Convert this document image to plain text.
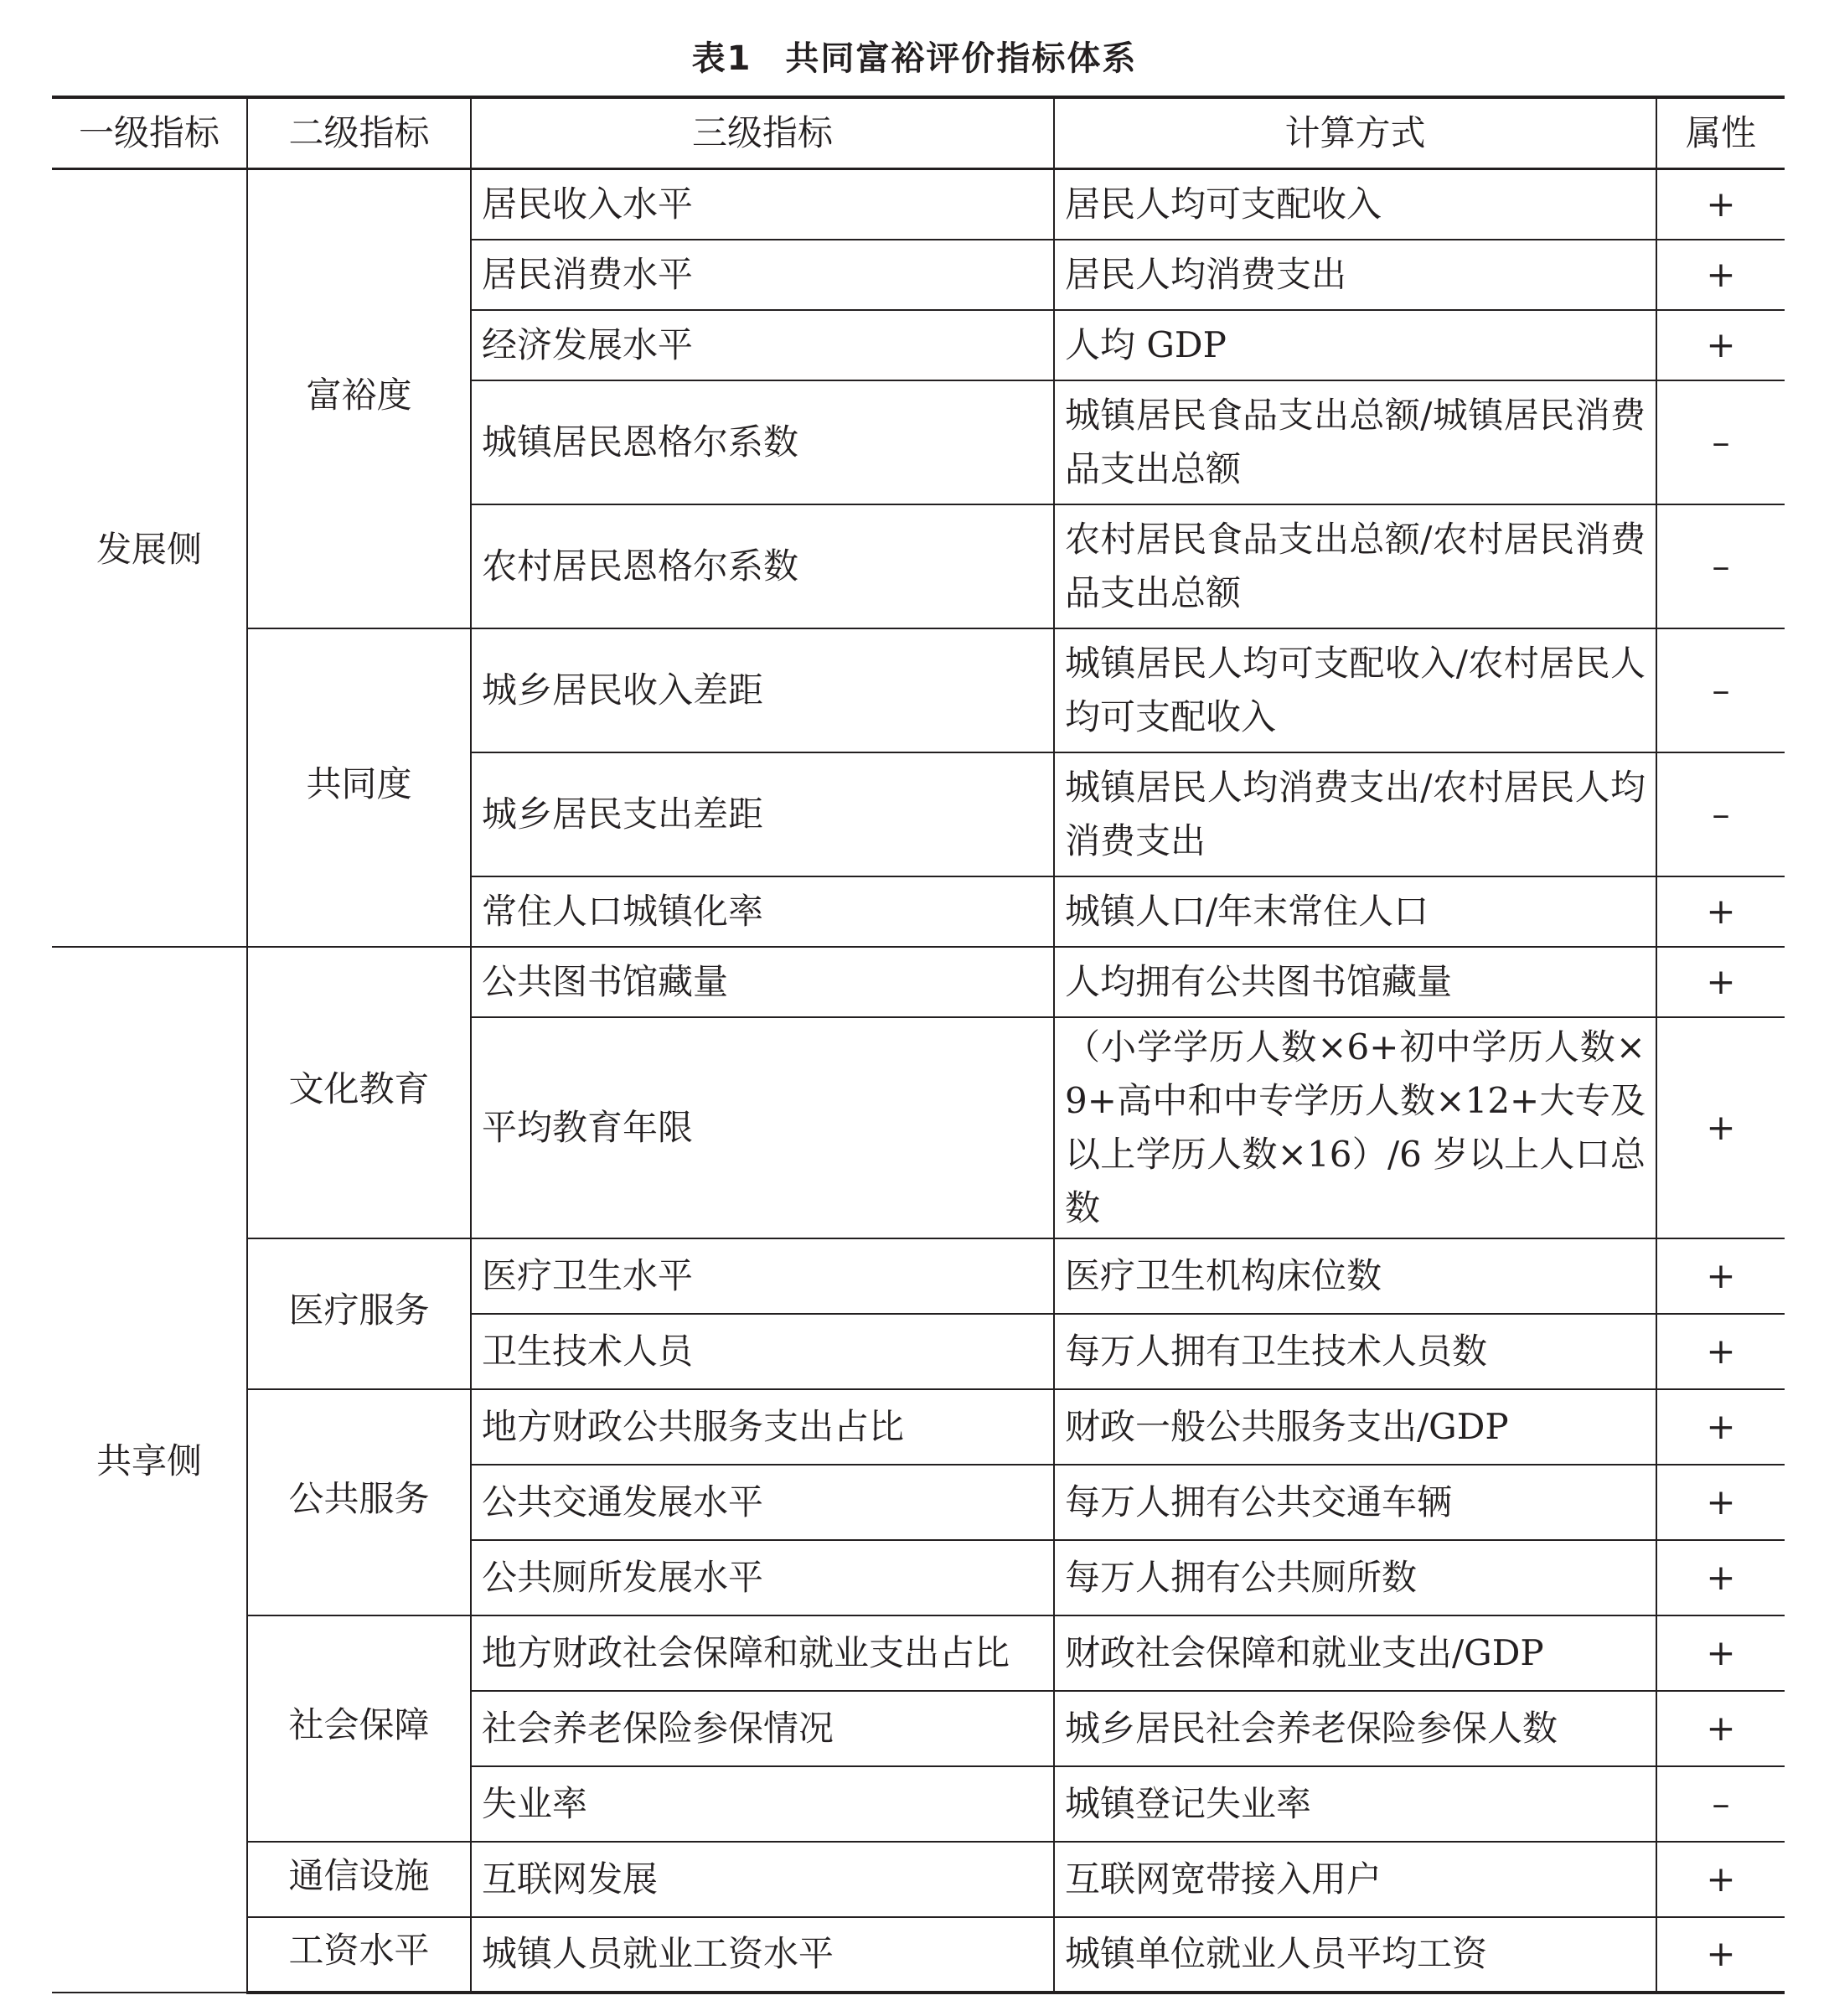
表1 共同富裕评价指标体系
一级指标	二级指标	三级指标	计算方式	属性
发展侧	富裕度	居民收入水平	居民人均可支配收入	+
		居民消费水平	居民人均消费支出	+
		经济发展水平	人均 GDP	+
		城镇居民恩格尔系数	城镇居民食品支出总额/城镇居民消费品支出总额	–
		农村居民恩格尔系数	农村居民食品支出总额/农村居民消费品支出总额	–
	共同度	城乡居民收入差距	城镇居民人均可支配收入/农村居民人均可支配收入	–
		城乡居民支出差距	城镇居民人均消费支出/农村居民人均消费支出	–
		常住人口城镇化率	城镇人口/年末常住人口	+
共享侧	文化教育	公共图书馆藏量	人均拥有公共图书馆藏量	+
		平均教育年限	（小学学历人数×6+初中学历人数×9+高中和中专学历人数×12+大专及以上学历人数×16）/6 岁以上人口总数	+
	医疗服务	医疗卫生水平	医疗卫生机构床位数	+
		卫生技术人员	每万人拥有卫生技术人员数	+
	公共服务	地方财政公共服务支出占比	财政一般公共服务支出/GDP	+
		公共交通发展水平	每万人拥有公共交通车辆	+
		公共厕所发展水平	每万人拥有公共厕所数	+
	社会保障	地方财政社会保障和就业支出占比	财政社会保障和就业支出/GDP	+
		社会养老保险参保情况	城乡居民社会养老保险参保人数	+
		失业率	城镇登记失业率	–
	通信设施	互联网发展	互联网宽带接入用户	+
	工资水平	城镇人员就业工资水平	城镇单位就业人员平均工资	+
